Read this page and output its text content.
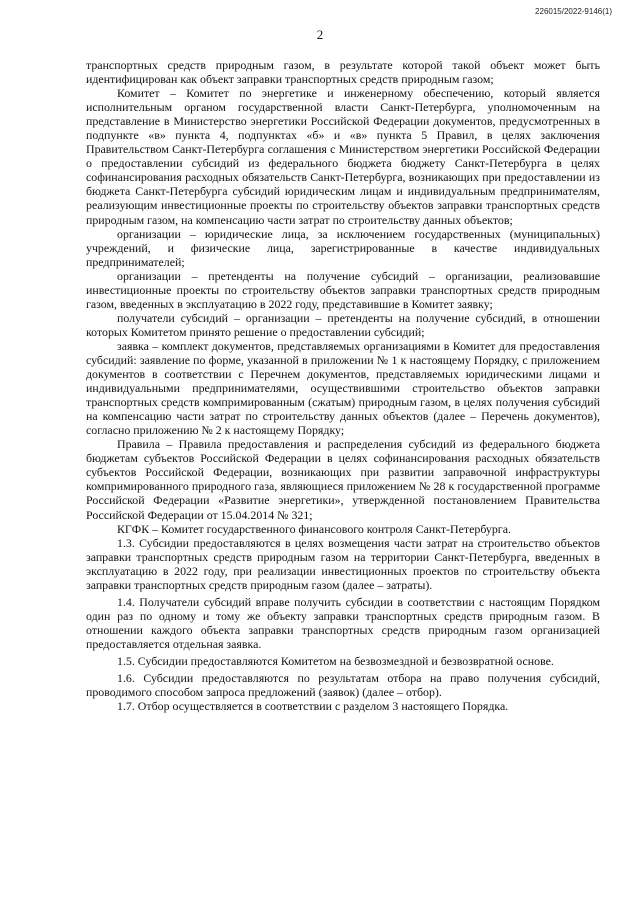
226015/2022-9146(1)
2

транспортных средств природным газом, в результате которой такой объект может быть идентифицирован как объект заправки транспортных средств природным газом;

Комитет – Комитет по энергетике и инженерному обеспечению, который является исполнительным органом государственной власти Санкт-Петербурга, уполномоченным на представление в Министерство энергетики Российской Федерации документов, предусмотренных в подпункте «в» пункта 4, подпунктах «б» и «в» пункта 5 Правил, в целях заключения Правительством Санкт-Петербурга соглашения с Министерством энергетики Российской Федерации о предоставлении субсидий из федерального бюджета бюджету Санкт-Петербурга в целях софинансирования расходных обязательств Санкт-Петербурга, возникающих при предоставлении из бюджета Санкт-Петербурга субсидий юридическим лицам и индивидуальным предпринимателям, реализующим инвестиционные проекты по строительству объектов заправки транспортных средств природным газом, на компенсацию части затрат по строительству данных объектов;

организации – юридические лица, за исключением государственных (муниципальных) учреждений, и физические лица, зарегистрированные в качестве индивидуальных предпринимателей;

организации – претенденты на получение субсидий – организации, реализовавшие инвестиционные проекты по строительству объектов заправки транспортных средств природным газом, введенных в эксплуатацию в 2022 году, представившие в Комитет заявку;

получатели субсидий – организации – претенденты на получение субсидий, в отношении которых Комитетом принято решение о предоставлении субсидий;

заявка – комплект документов, представляемых организациями в Комитет для предоставления субсидий: заявление по форме, указанной в приложении № 1 к настоящему Порядку, с приложением документов в соответствии с Перечнем документов, представляемых юридическими лицами и индивидуальными предпринимателями, осуществившими строительство объектов заправки транспортных средств компримированным (сжатым) природным газом, в целях получения субсидий на компенсацию части затрат по строительству данных объектов (далее – Перечень документов), согласно приложению № 2 к настоящему Порядку;

Правила – Правила предоставления и распределения субсидий из федерального бюджета бюджетам субъектов Российской Федерации в целях софинансирования расходных обязательств субъектов Российской Федерации, возникающих при развитии заправочной инфраструктуры компримированного природного газа, являющиеся приложением № 28 к государственной программе Российской Федерации «Развитие энергетики», утвержденной постановлением Правительства Российской Федерации от 15.04.2014 № 321;

КГФК – Комитет государственного финансового контроля Санкт-Петербурга.

1.3. Субсидии предоставляются в целях возмещения части затрат на строительство объектов заправки транспортных средств природным газом на территории Санкт-Петербурга, введенных в эксплуатацию в 2022 году, при реализации инвестиционных проектов по строительству объекта заправки транспортных средств природным газом (далее – затраты).

1.4. Получатели субсидий вправе получить субсидии в соответствии с настоящим Порядком один раз по одному и тому же объекту заправки транспортных средств природным газом. В отношении каждого объекта заправки транспортных средств природным газом организацией предоставляется отдельная заявка.

1.5. Субсидии предоставляются Комитетом на безвозмездной и безвозвратной основе.

1.6. Субсидии предоставляются по результатам отбора на право получения субсидий, проводимого способом запроса предложений (заявок) (далее – отбор).

1.7. Отбор осуществляется в соответствии с разделом 3 настоящего Порядка.
